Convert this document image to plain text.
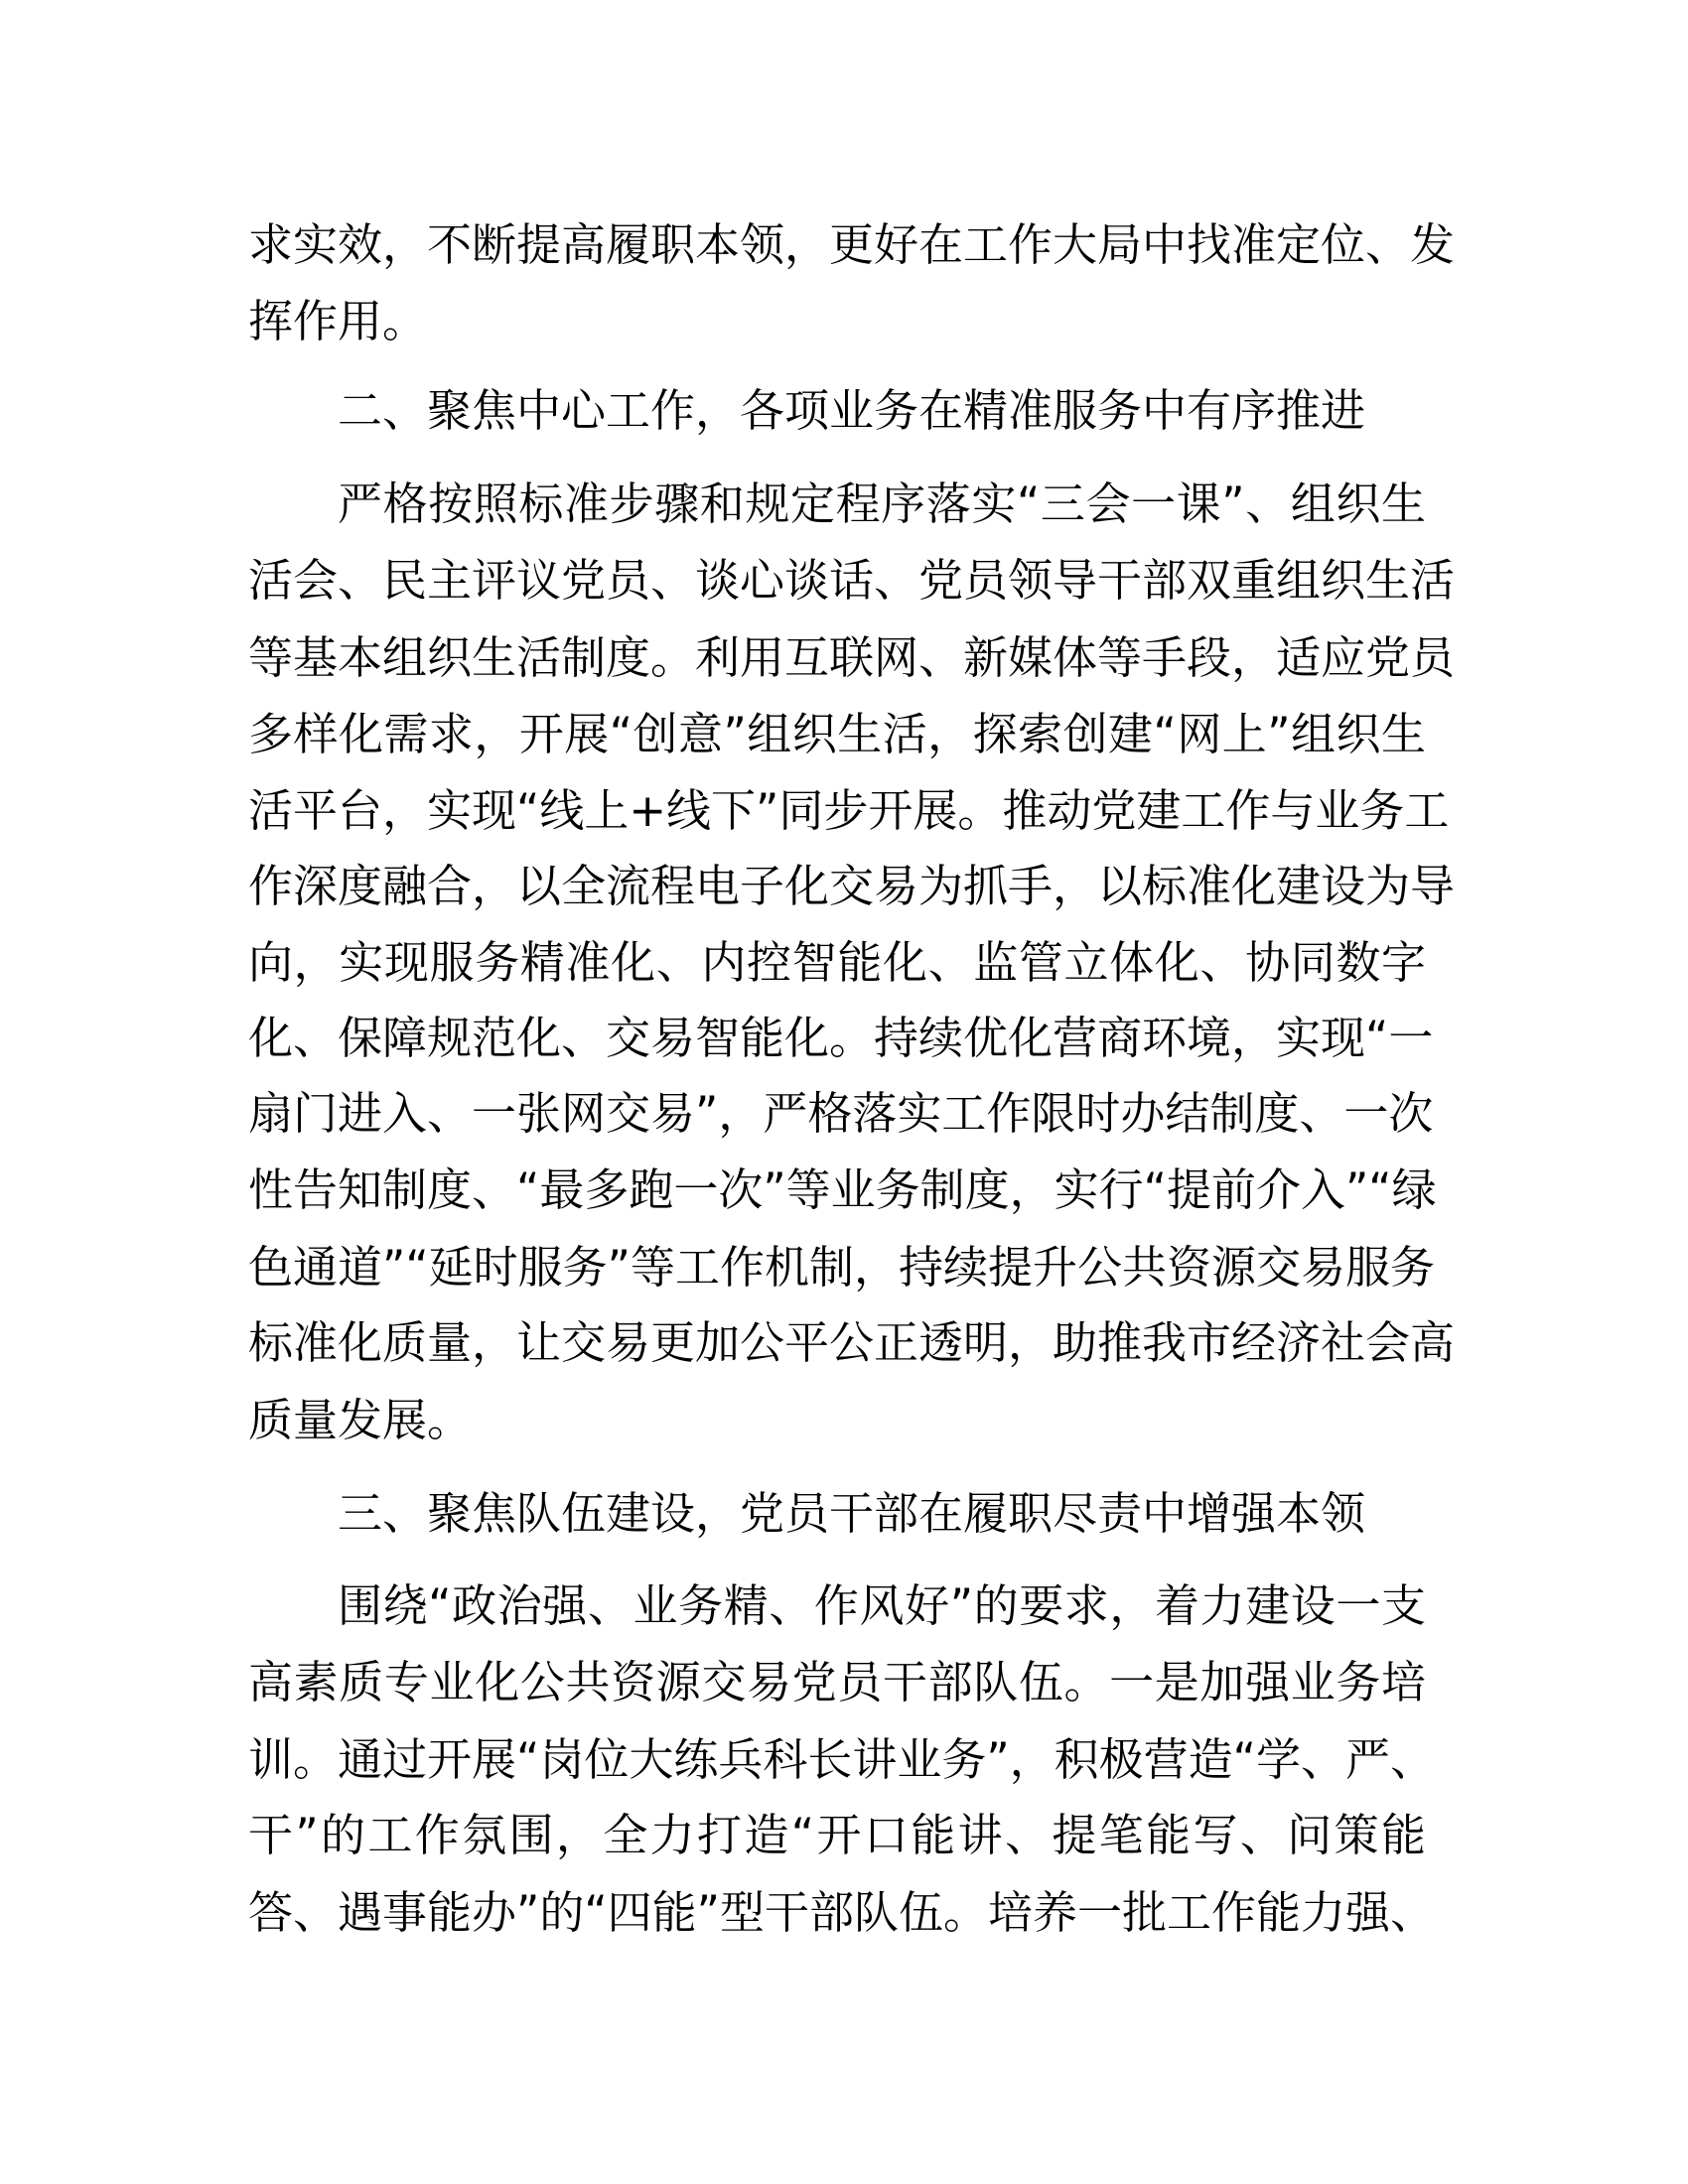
求实效，不断提高履职本领，更好在工作大局中找准定位、发
挥作用。
二、聚焦中心工作，各项业务在精准服务中有序推进
严格按照标准步骤和规定程序落实“三会一课”、组织生
活会、民主评议党员、谈心谈话、党员领导干部双重组织生活
等基本组织生活制度。利用互联网、新媒体等手段，适应党员
多样化需求，开展“创意”组织生活，探索创建“网上”组织生
活平台，实现“线上+线下”同步开展。推动党建工作与业务工
作深度融合，以全流程电子化交易为抓手，以标准化建设为导
向，实现服务精准化、内控智能化、监管立体化、协同数字
化、保障规范化、交易智能化。持续优化营商环境，实现“一
扇门进入、一张网交易”，严格落实工作限时办结制度、一次
性告知制度、“最多跑一次”等业务制度，实行“提前介入”“绿
色通道”“延时服务”等工作机制，持续提升公共资源交易服务
标准化质量，让交易更加公平公正透明，助推我市经济社会高
质量发展。
三、聚焦队伍建设，党员干部在履职尽责中增强本领
围绕“政治强、业务精、作风好”的要求，着力建设一支
高素质专业化公共资源交易党员干部队伍。一是加强业务培
训。通过开展“岗位大练兵科长讲业务”，积极营造“学、严、
干”的工作氛围，全力打造“开口能讲、提笔能写、问策能
答、遇事能办”的“四能”型干部队伍。培养一批工作能力强、
